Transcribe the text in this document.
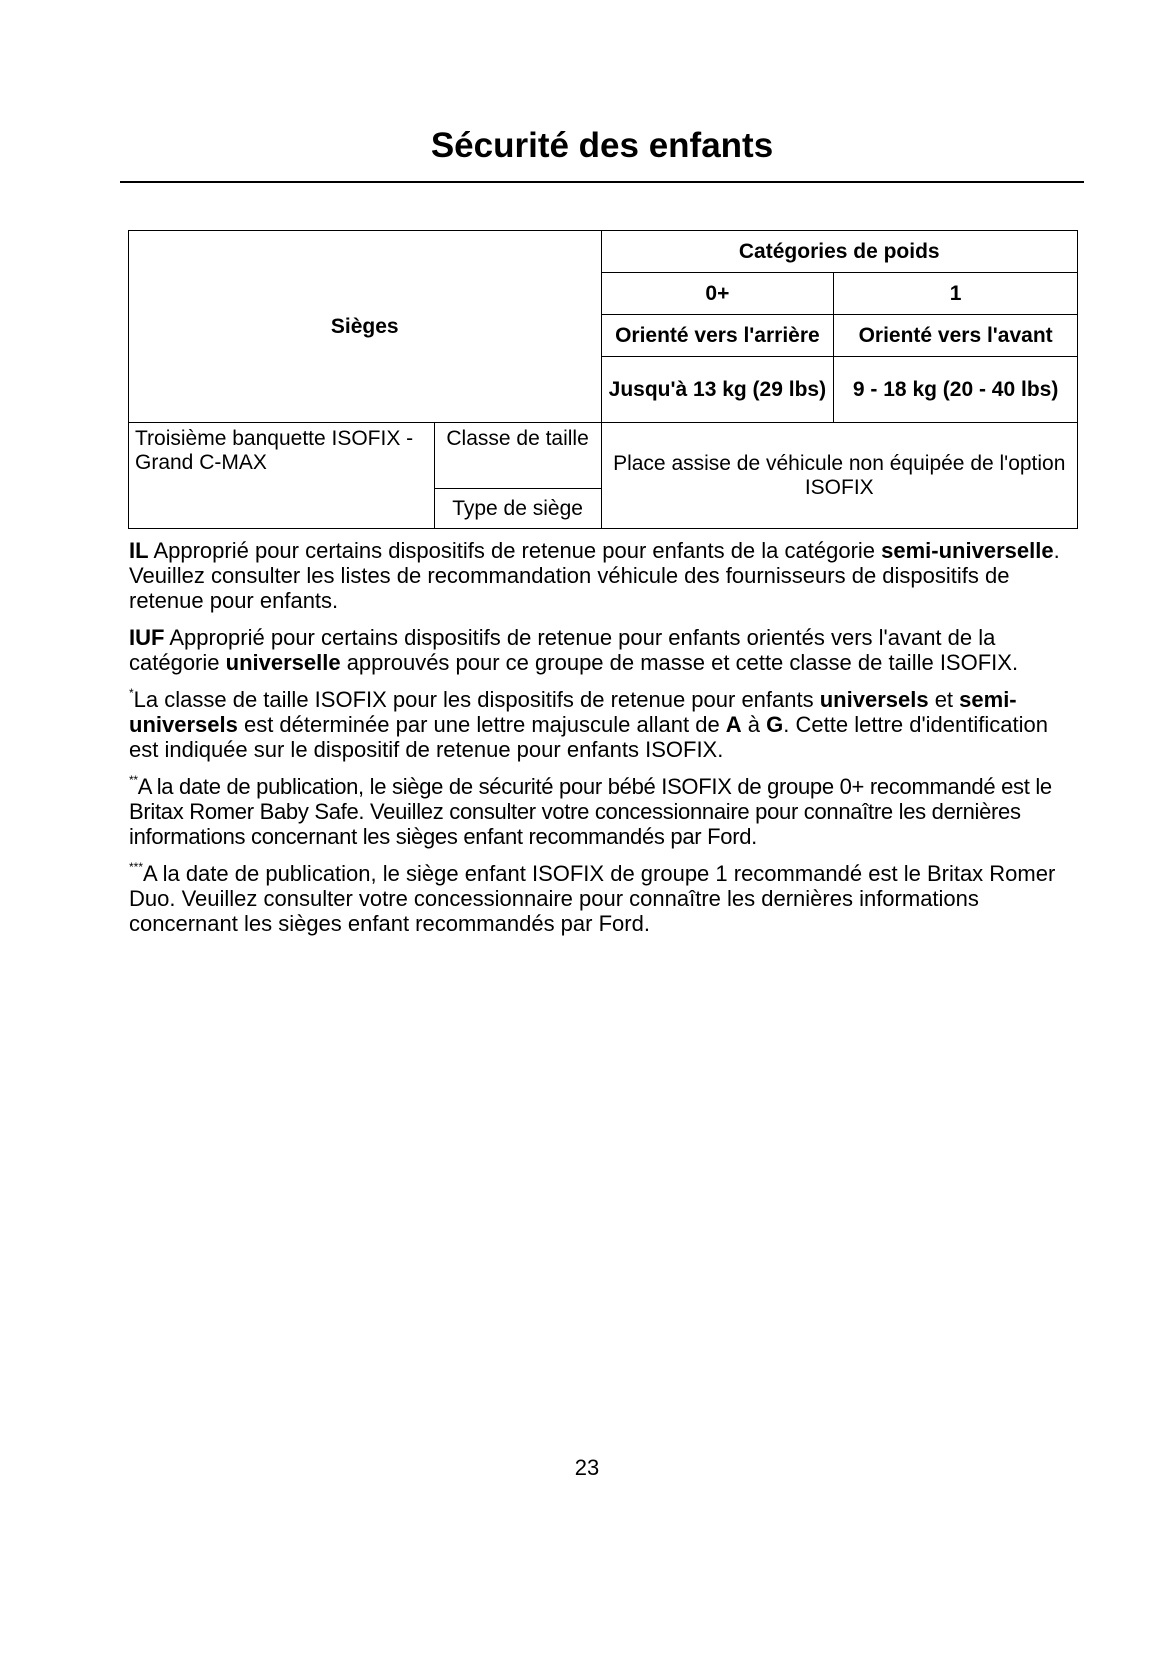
Sécurité des enfants
Sièges		Catégories de poids	
		0+	1
		Orienté vers l'arrière	Orienté vers l'avant
		Jusqu'à 13 kg (29 lbs)	9 - 18 kg (20 - 40 lbs)
Troisième banquette ISOFIX - Grand C-MAX	Classe de taille	Place assise de véhicule non équipée de l'option ISOFIX	
	Type de siège		

IL Approprié pour certains dispositifs de retenue pour enfants de la catégorie semi-universelle. Veuillez consulter les listes de recommandation véhicule des fournisseurs de dispositifs de retenue pour enfants.

IUF Approprié pour certains dispositifs de retenue pour enfants orientés vers l'avant de la catégorie universelle approuvés pour ce groupe de masse et cette classe de taille ISOFIX.

*La classe de taille ISOFIX pour les dispositifs de retenue pour enfants universels et semi-universels est déterminée par une lettre majuscule allant de A à G. Cette lettre d'identification est indiquée sur le dispositif de retenue pour enfants ISOFIX.

**A la date de publication, le siège de sécurité pour bébé ISOFIX de groupe 0+ recommandé est le Britax Romer Baby Safe. Veuillez consulter votre concessionnaire pour connaître les dernières informations concernant les sièges enfant recommandés par Ford.

***A la date de publication, le siège enfant ISOFIX de groupe 1 recommandé est le Britax Romer Duo. Veuillez consulter votre concessionnaire pour connaître les dernières informations concernant les sièges enfant recommandés par Ford.

23
